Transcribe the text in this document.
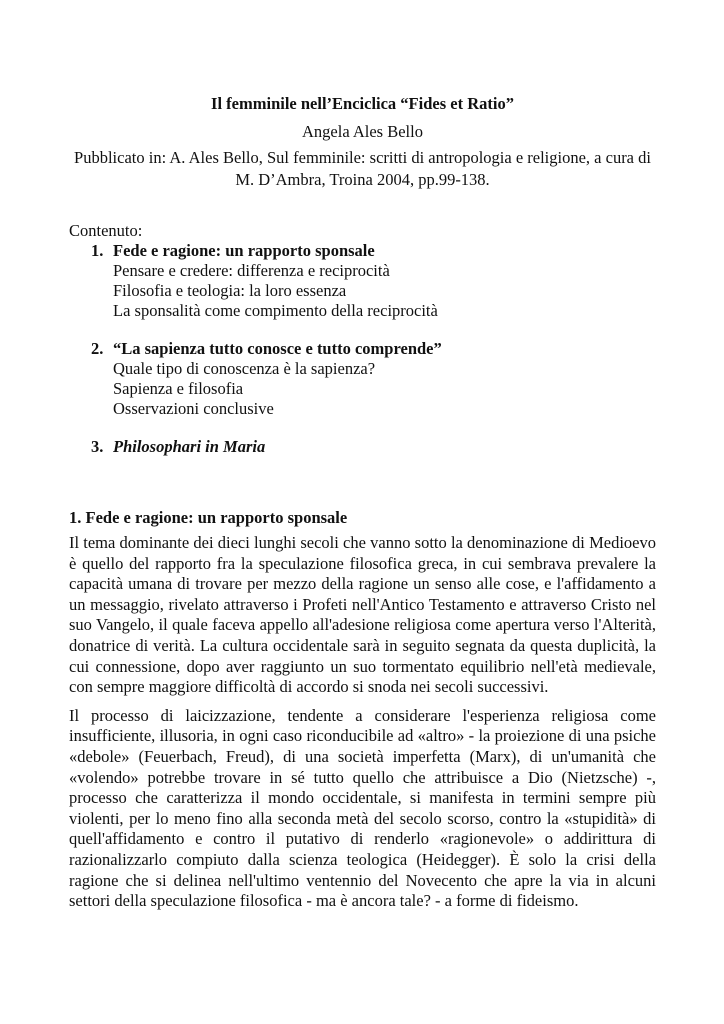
Il femminile nell’Enciclica “Fides et Ratio”

Angela Ales Bello

Pubblicato in: A. Ales Bello, Sul femminile: scritti di antropologia e religione, a cura di M. D’Ambra, Troina 2004, pp.99-138.

Contenuto:

1. Fede e ragione: un rapporto sponsale

Pensare e credere: differenza e reciprocità

Filosofia e teologia: la loro essenza

La sponsalità come compimento della reciprocità

2. “La sapienza tutto conosce e tutto comprende”

Quale tipo di conoscenza è la sapienza?

Sapienza e filosofia

Osservazioni conclusive

3. Philosophari in Maria

1. Fede e ragione: un rapporto sponsale

Il tema dominante dei dieci lunghi secoli che vanno sotto la denominazione di Medioevo è quello del rapporto fra la speculazione filosofica greca, in cui sembrava prevalere la capacità umana di trovare per mezzo della ragione un senso alle cose, e l'affidamento a un messaggio, rivelato attraverso i Profeti nell'Antico Testamento e attraverso Cristo nel suo Vangelo, il quale faceva appello all'adesione religiosa come apertura verso l'Alterità, donatrice di verità. La cultura occidentale sarà in seguito segnata da questa duplicità, la cui connessione, dopo aver raggiunto un suo tormentato equilibrio nell'età medievale, con sempre maggiore difficoltà di accordo si snoda nei secoli successivi.

Il processo di laicizzazione, tendente a considerare l'esperienza religiosa come insufficiente, illusoria, in ogni caso riconducibile ad «altro» - la proiezione di una psiche «debole» (Feuerbach, Freud), di una società imperfetta (Marx), di un'umanità che «volendo» potrebbe trovare in sé tutto quello che attribuisce a Dio (Nietzsche) -, processo che caratterizza il mondo occidentale, si manifesta in termini sempre più violenti, per lo meno fino alla seconda metà del secolo scorso, contro la «stupidità» di quell'affidamento e contro il putativo di renderlo «ragionevole» o addirittura di razionalizzarlo compiuto dalla scienza teologica (Heidegger). È solo la crisi della ragione che si delinea nell'ultimo ventennio del Novecento che apre la via in alcuni settori della speculazione filosofica - ma è ancora tale? - a forme di fideismo.
